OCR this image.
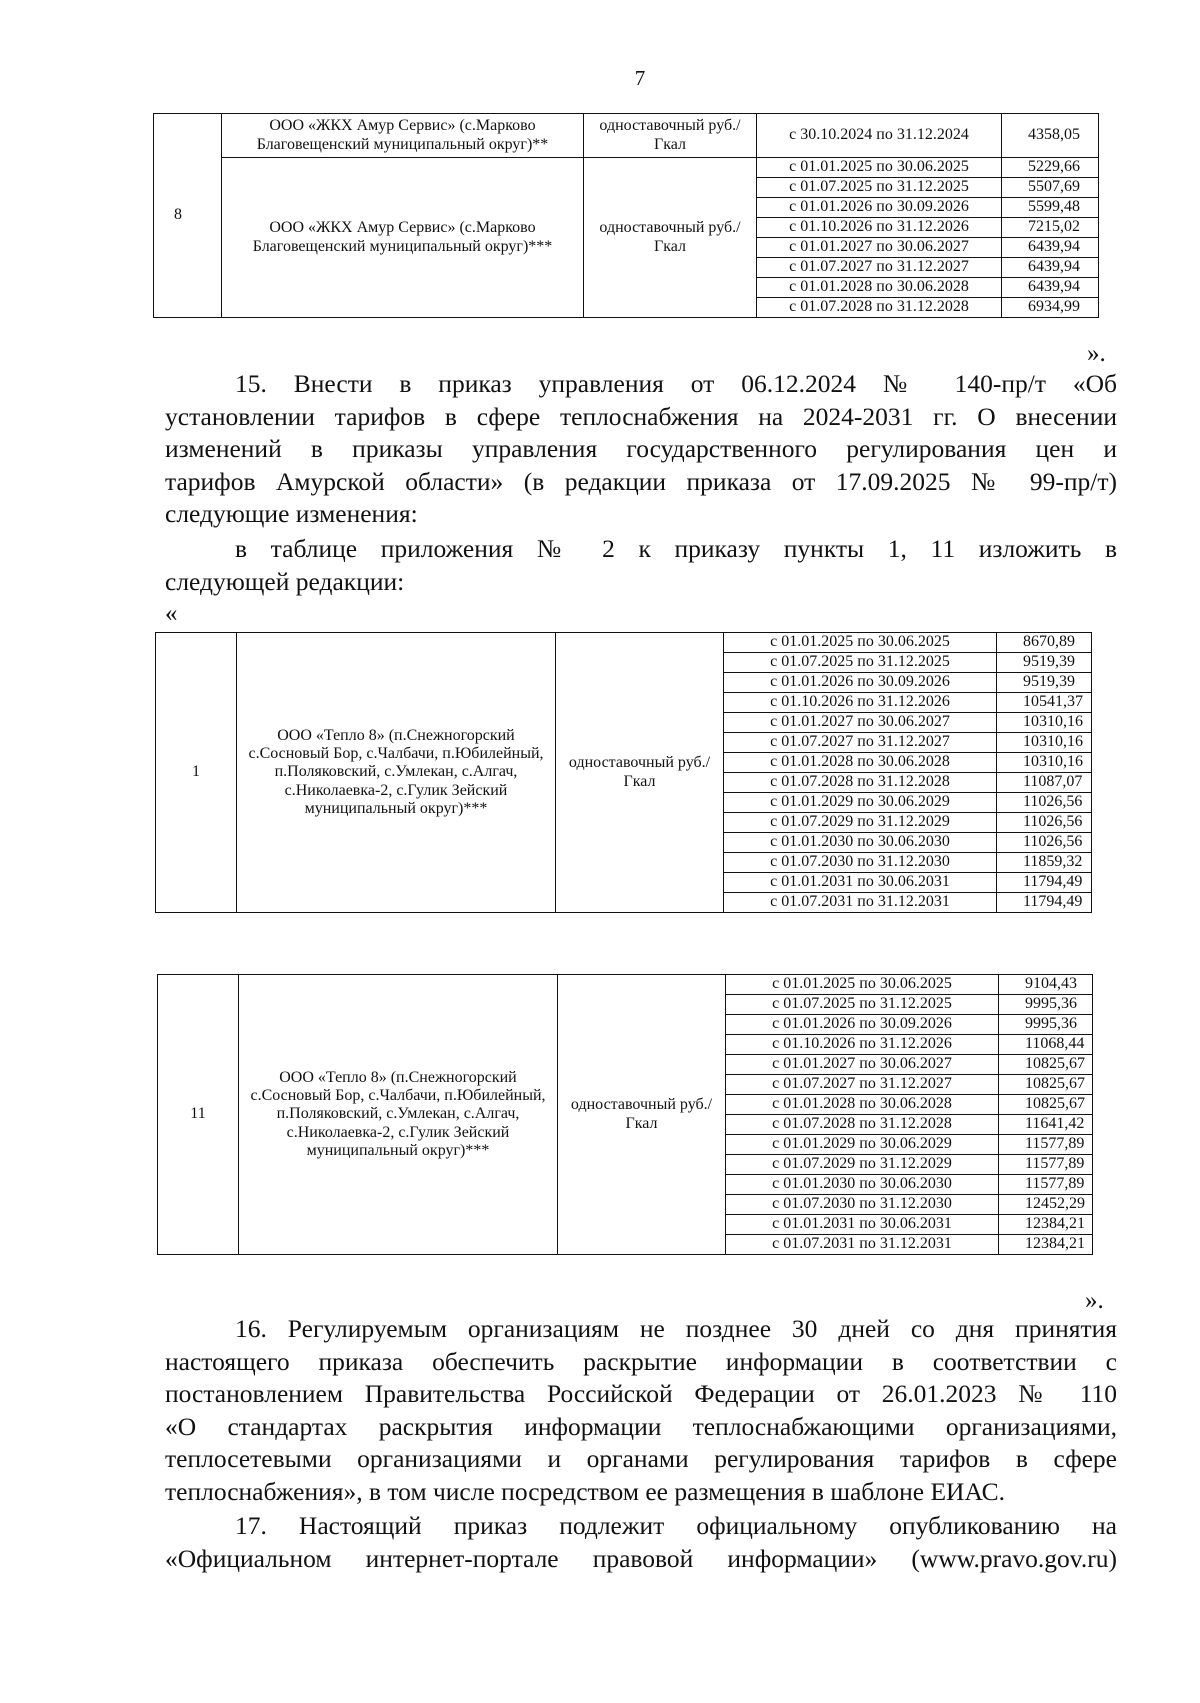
7
8	ООО «ЖКХ Амур Сервис» (с.Марково Благовещенский муниципальный округ)**	одноставочный руб./Гкал	с 30.10.2024 по 31.12.2024	4358,05
	ООО «ЖКХ Амур Сервис» (с.Марково Благовещенский муниципальный округ)***	одноставочный руб./Гкал	с 01.01.2025 по 30.06.2025	5229,66
			с 01.07.2025 по 31.12.2025	5507,69
			с 01.01.2026 по 30.09.2026	5599,48
			с 01.10.2026 по 31.12.2026	7215,02
			с 01.01.2027 по 30.06.2027	6439,94
			с 01.07.2027 по 31.12.2027	6439,94
			с 01.01.2028 по 30.06.2028	6439,94
			с 01.07.2028 по 31.12.2028	6934,99
».
15. Внести в приказ управления от 06.12.2024 № 140-пр/т «Об
установлении тарифов в сфере теплоснабжения на 2024-2031 гг. О внесении
изменений в приказы управления государственного регулирования цен и
тарифов Амурской области» (в редакции приказа от 17.09.2025 № 99-пр/т)
следующие изменения:
в таблице приложения № 2 к приказу пункты 1, 11 изложить в
следующей редакции:
«
1	ООО «Тепло 8» (п.Снежногорский с.Сосновый Бор, с.Чалбачи, п.Юбилейный, п.Поляковский, с.Умлекан, с.Алгач, с.Николаевка-2, с.Гулик Зейский муниципальный округ)***	одноставочный руб./Гкал	с 01.01.2025 по 30.06.2025	8670,89
			с 01.07.2025 по 31.12.2025	9519,39
			с 01.01.2026 по 30.09.2026	9519,39
			с 01.10.2026 по 31.12.2026	10541,37
			с 01.01.2027 по 30.06.2027	10310,16
			с 01.07.2027 по 31.12.2027	10310,16
			с 01.01.2028 по 30.06.2028	10310,16
			с 01.07.2028 по 31.12.2028	11087,07
			с 01.01.2029 по 30.06.2029	11026,56
			с 01.07.2029 по 31.12.2029	11026,56
			с 01.01.2030 по 30.06.2030	11026,56
			с 01.07.2030 по 31.12.2030	11859,32
			с 01.01.2031 по 30.06.2031	11794,49
			с 01.07.2031 по 31.12.2031	11794,49
11	ООО «Тепло 8» (п.Снежногорский с.Сосновый Бор, с.Чалбачи, п.Юбилейный, п.Поляковский, с.Умлекан, с.Алгач, с.Николаевка-2, с.Гулик Зейский муниципальный округ)***	одноставочный руб./Гкал	с 01.01.2025 по 30.06.2025	9104,43
			с 01.07.2025 по 31.12.2025	9995,36
			с 01.01.2026 по 30.09.2026	9995,36
			с 01.10.2026 по 31.12.2026	11068,44
			с 01.01.2027 по 30.06.2027	10825,67
			с 01.07.2027 по 31.12.2027	10825,67
			с 01.01.2028 по 30.06.2028	10825,67
			с 01.07.2028 по 31.12.2028	11641,42
			с 01.01.2029 по 30.06.2029	11577,89
			с 01.07.2029 по 31.12.2029	11577,89
			с 01.01.2030 по 30.06.2030	11577,89
			с 01.07.2030 по 31.12.2030	12452,29
			с 01.01.2031 по 30.06.2031	12384,21
			с 01.07.2031 по 31.12.2031	12384,21
».
16. Регулируемым организациям не позднее 30 дней со дня принятия
настоящего приказа обеспечить раскрытие информации в соответствии с
постановлением Правительства Российской Федерации от 26.01.2023 № 110
«О стандартах раскрытия информации теплоснабжающими организациями,
теплосетевыми организациями и органами регулирования тарифов в сфере
теплоснабжения», в том числе посредством ее размещения в шаблоне ЕИАС.
17. Настоящий приказ подлежит официальному опубликованию на
«Официальном интернет-портале правовой информации» (www.pravo.gov.ru)
